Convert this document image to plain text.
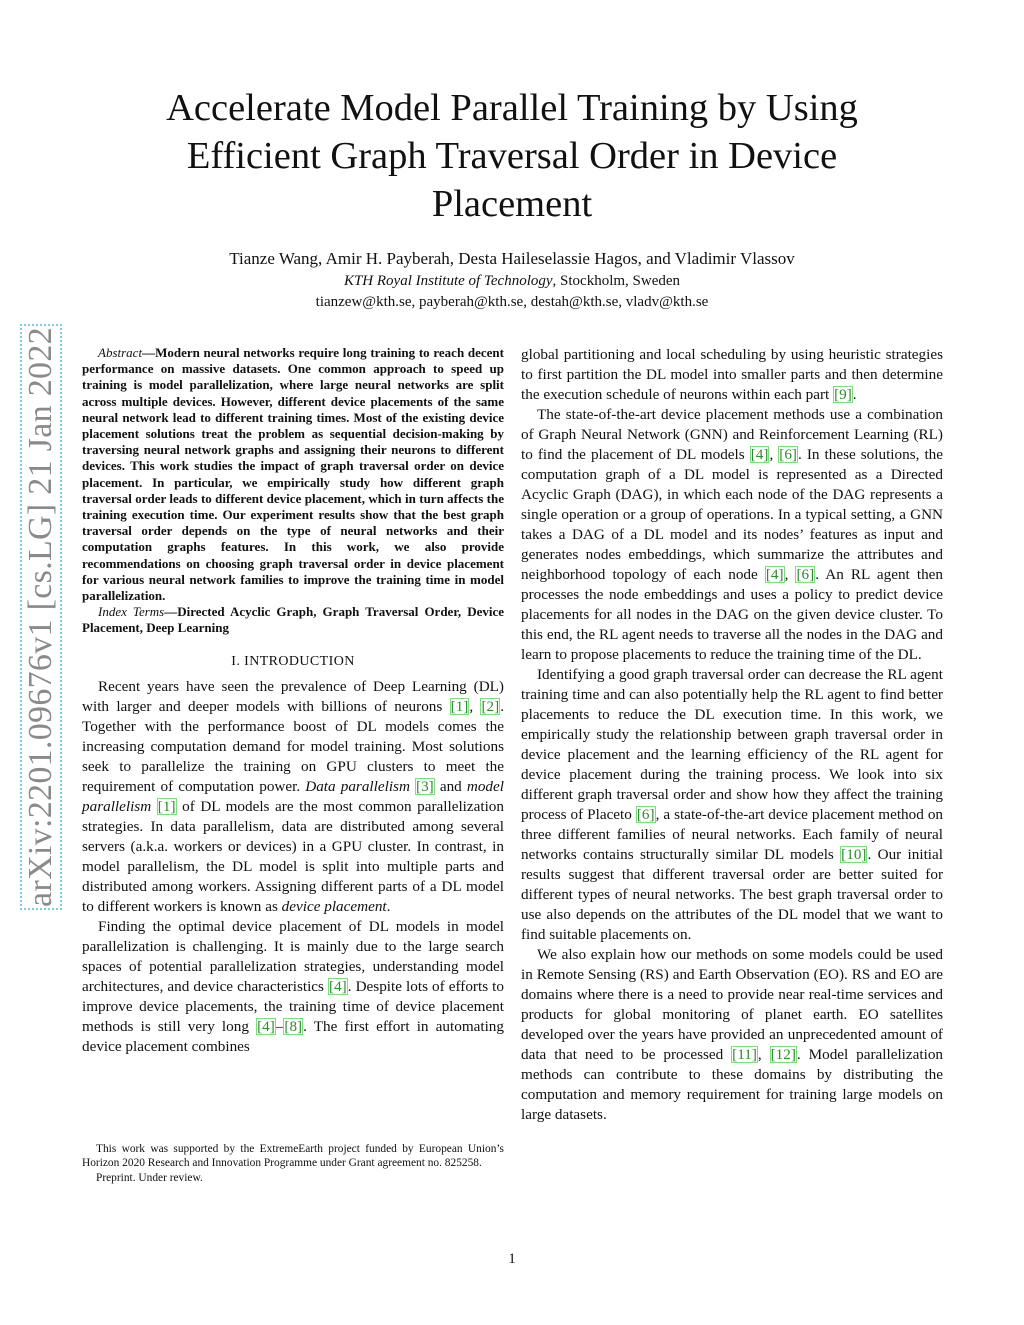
arXiv:2201.09676v1 [cs.LG] 21 Jan 2022
Accelerate Model Parallel Training by Using Efficient Graph Traversal Order in Device Placement
Tianze Wang, Amir H. Payberah, Desta Haileselassie Hagos, and Vladimir Vlassov
KTH Royal Institute of Technology, Stockholm, Sweden
tianzew@kth.se, payberah@kth.se, destah@kth.se, vladv@kth.se

Abstract—Modern neural networks require long training to reach decent performance on massive datasets. One common approach to speed up training is model parallelization, where large neural networks are split across multiple devices. However, different device placements of the same neural network lead to different training times. Most of the existing device placement solutions treat the problem as sequential decision-making by traversing neural network graphs and assigning their neurons to different devices. This work studies the impact of graph traversal order on device placement. In particular, we empirically study how different graph traversal order leads to different device placement, which in turn affects the training execution time. Our experiment results show that the best graph traversal order depends on the type of neural networks and their computation graphs features. In this work, we also provide recommendations on choosing graph traversal order in device placement for various neural network families to improve the training time in model parallelization.

Index Terms—Directed Acyclic Graph, Graph Traversal Order, Device Placement, Deep Learning

I. INTRODUCTION

Recent years have seen the prevalence of Deep Learning (DL) with larger and deeper models with billions of neurons [1], [2]. Together with the performance boost of DL models comes the increasing computation demand for model training. Most solutions seek to parallelize the training on GPU clusters to meet the requirement of computation power. Data parallelism [3] and model parallelism [1] of DL models are the most common parallelization strategies. In data parallelism, data are distributed among several servers (a.k.a. workers or devices) in a GPU cluster. In contrast, in model parallelism, the DL model is split into multiple parts and distributed among workers. Assigning different parts of a DL model to different workers is known as device placement.

Finding the optimal device placement of DL models in model parallelization is challenging. It is mainly due to the large search spaces of potential parallelization strategies, understanding model architectures, and device characteristics [4]. Despite lots of efforts to improve device placements, the training time of device placement methods is still very long [4]–[8]. The first effort in automating device placement combines

global partitioning and local scheduling by using heuristic strategies to first partition the DL model into smaller parts and then determine the execution schedule of neurons within each part [9].

The state-of-the-art device placement methods use a combination of Graph Neural Network (GNN) and Reinforcement Learning (RL) to find the placement of DL models [4], [6]. In these solutions, the computation graph of a DL model is represented as a Directed Acyclic Graph (DAG), in which each node of the DAG represents a single operation or a group of operations. In a typical setting, a GNN takes a DAG of a DL model and its nodes’ features as input and generates nodes embeddings, which summarize the attributes and neighborhood topology of each node [4], [6]. An RL agent then processes the node embeddings and uses a policy to predict device placements for all nodes in the DAG on the given device cluster. To this end, the RL agent needs to traverse all the nodes in the DAG and learn to propose placements to reduce the training time of the DL.

Identifying a good graph traversal order can decrease the RL agent training time and can also potentially help the RL agent to find better placements to reduce the DL execution time. In this work, we empirically study the relationship between graph traversal order in device placement and the learning efficiency of the RL agent for device placement during the training process. We look into six different graph traversal order and show how they affect the training process of Placeto [6], a state-of-the-art device placement method on three different families of neural networks. Each family of neural networks contains structurally similar DL models [10]. Our initial results suggest that different traversal order are better suited for different types of neural networks. The best graph traversal order to use also depends on the attributes of the DL model that we want to find suitable placements on.

We also explain how our methods on some models could be used in Remote Sensing (RS) and Earth Observation (EO). RS and EO are domains where there is a need to provide near real-time services and products for global monitoring of planet earth. EO satellites developed over the years have provided an unprecedented amount of data that need to be processed [11], [12]. Model parallelization methods can contribute to these domains by distributing the computation and memory requirement for training large models on large datasets.

This work was supported by the ExtremeEarth project funded by European Union’s Horizon 2020 Research and Innovation Programme under Grant agreement no. 825258.

Preprint. Under review.

1
